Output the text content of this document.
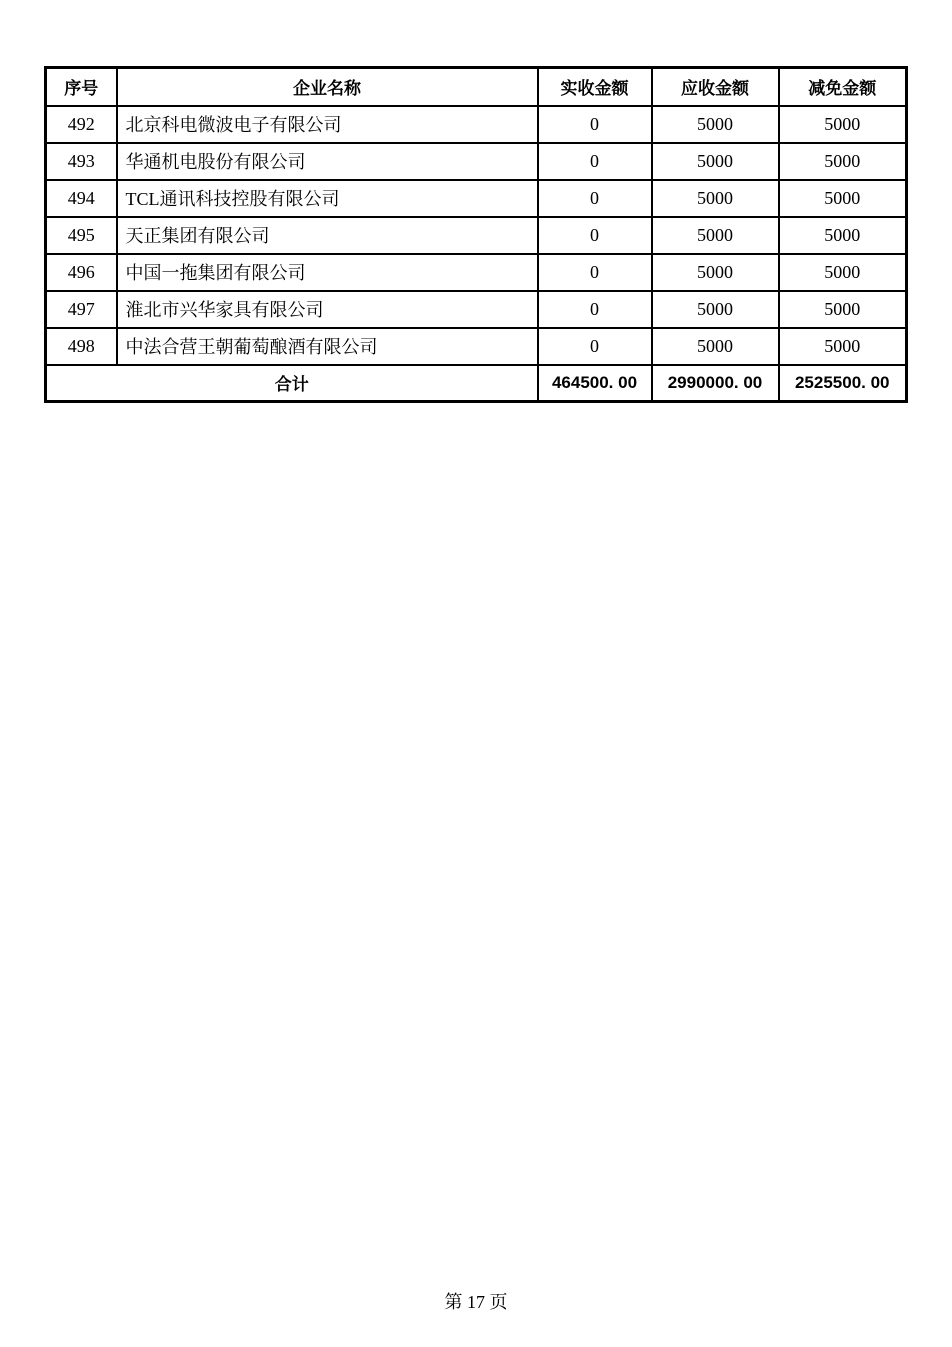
序号	企业名称	实收金额	应收金额	减免金额
492	北京科电微波电子有限公司	0	5000	5000
493	华通机电股份有限公司	0	5000	5000
494	TCL通讯科技控股有限公司	0	5000	5000
495	天正集团有限公司	0	5000	5000
496	中国一拖集团有限公司	0	5000	5000
497	淮北市兴华家具有限公司	0	5000	5000
498	中法合营王朝葡萄酿酒有限公司	0	5000	5000
合计		464500. 00	2990000. 00	2525500. 00
第 17 页
